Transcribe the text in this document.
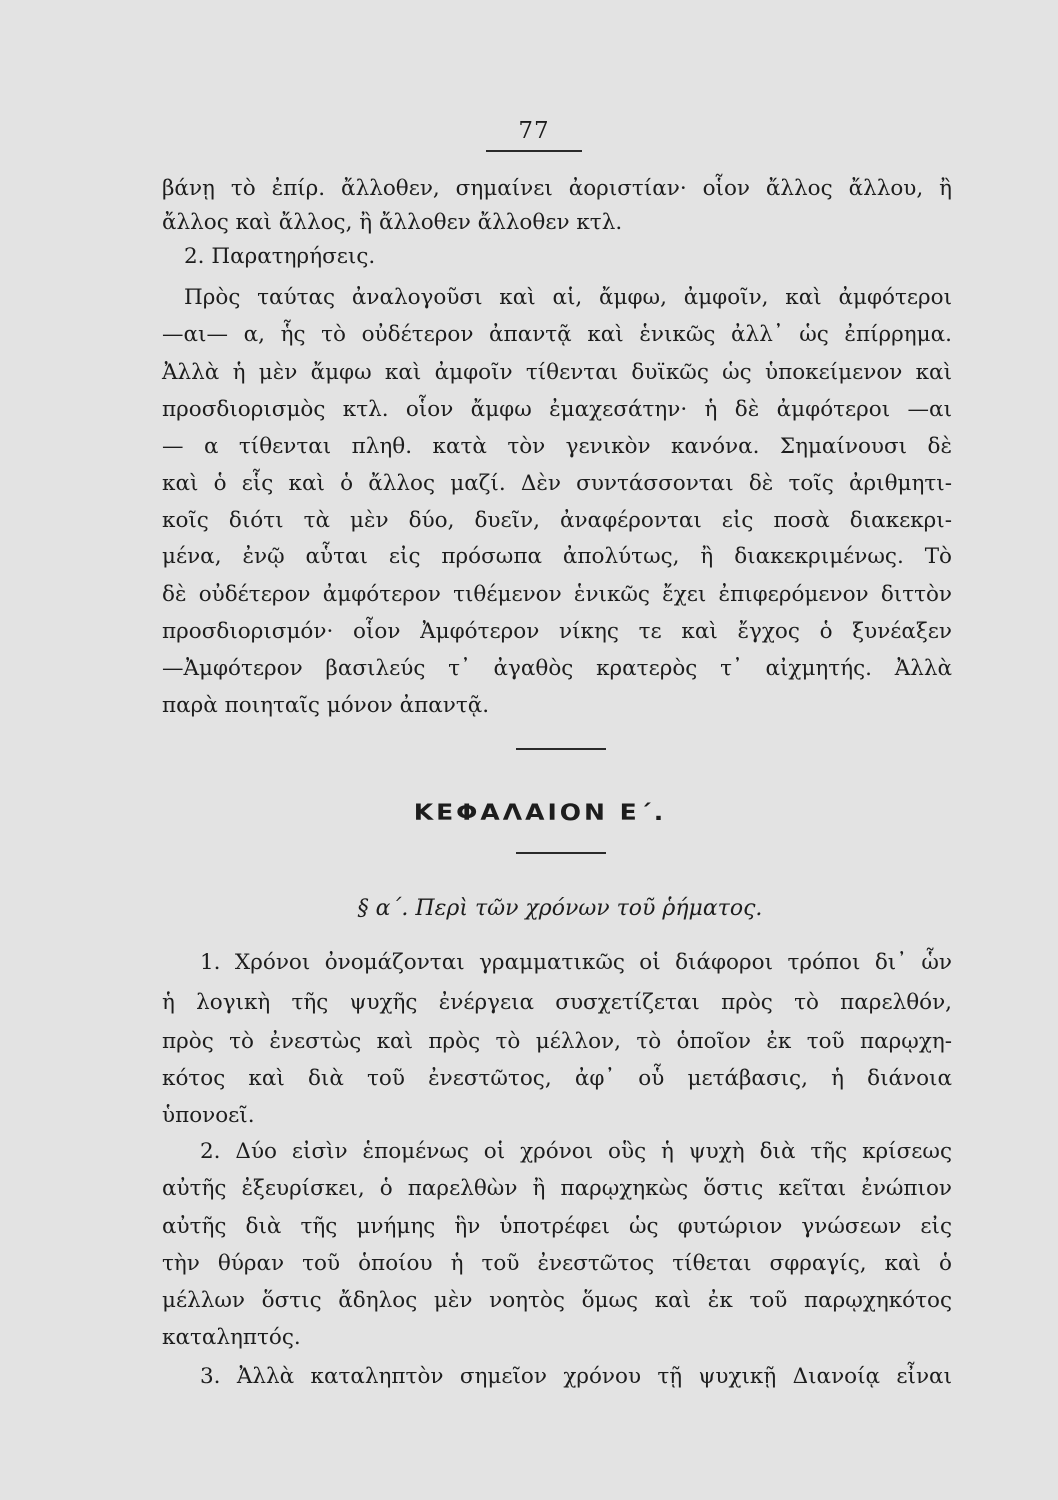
77
βάνῃ τὸ ἐπίρ. ἄλλοθεν, σημαίνει ἀοριστίαν· οἷον ἄλλος ἄλλου, ἢ
ἄλλος καὶ ἄλλος, ἢ ἄλλοθεν ἄλλοθεν κτλ.
2. Παρατηρήσεις.
Πρὸς ταύτας ἀναλογοῦσι καὶ αἱ, ἄμφω, ἀμφοῖν, καὶ ἀμφότεροι
—αι— α, ἧς τὸ οὐδέτερον ἀπαντᾷ καὶ ἑνικῶς ἀλλ᾽ ὡς ἐπίρρημα.
Ἀλλὰ ἡ μὲν ἄμφω καὶ ἀμφοῖν τίθενται δυϊκῶς ὡς ὑποκείμενον καὶ
προσδιορισμὸς κτλ. οἷον ἄμφω ἐμαχεσάτην· ἡ δὲ ἀμφότεροι —αι
— α τίθενται πληθ. κατὰ τὸν γενικὸν κανόνα. Σημαίνουσι δὲ
καὶ ὁ εἷς καὶ ὁ ἄλλος μαζί. Δὲν συντάσσονται δὲ τοῖς ἀριθμητι-
κοῖς διότι τὰ μὲν δύο, δυεῖν, ἀναφέρονται εἰς ποσὰ διακεκρι-
μένα, ἐνῷ αὗται εἰς πρόσωπα ἀπολύτως, ἢ διακεκριμένως. Τὸ
δὲ οὐδέτερον ἀμφότερον τιθέμενον ἑνικῶς ἔχει ἐπιφερόμενον διττὸν
προσδιορισμόν· οἷον Ἀμφότερον νίκης τε καὶ ἔγχος ὁ ξυνέαξεν
—Ἀμφότερον βασιλεύς τ᾽ ἀγαθὸς κρατερὸς τ᾽ αἰχμητής. Ἀλλὰ
παρὰ ποιηταῖς μόνον ἀπαντᾷ.
ΚΕΦΑΛΑΙΟΝ Ε΄.
§ α΄. Περὶ τῶν χρόνων τοῦ ῥήματος.
1. Χρόνοι ὀνομάζονται γραμματικῶς οἱ διάφοροι τρόποι δι᾽ ὧν
ἡ λογικὴ τῆς ψυχῆς ἐνέργεια συσχετίζεται πρὸς τὸ παρελθόν,
πρὸς τὸ ἐνεστὼς καὶ πρὸς τὸ μέλλον, τὸ ὁποῖον ἐκ τοῦ παρῳχη-
κότος καὶ διὰ τοῦ ἐνεστῶτος, ἀφ᾽ οὗ μετάβασις, ἡ διάνοια
ὑπονοεῖ.
2. Δύο εἰσὶν ἑπομένως οἱ χρόνοι οὓς ἡ ψυχὴ διὰ τῆς κρίσεως
αὐτῆς ἐξευρίσκει, ὁ παρελθὼν ἢ παρῳχηκὼς ὅστις κεῖται ἐνώπιον
αὐτῆς διὰ τῆς μνήμης ἣν ὑποτρέφει ὡς φυτώριον γνώσεων εἰς
τὴν θύραν τοῦ ὁποίου ἡ τοῦ ἐνεστῶτος τίθεται σφραγίς, καὶ ὁ
μέλλων ὅστις ἄδηλος μὲν νοητὸς ὅμως καὶ ἐκ τοῦ παρῳχηκότος
καταληπτός.
3. Ἀλλὰ καταληπτὸν σημεῖον χρόνου τῇ ψυχικῇ Διανοίᾳ εἶναι
